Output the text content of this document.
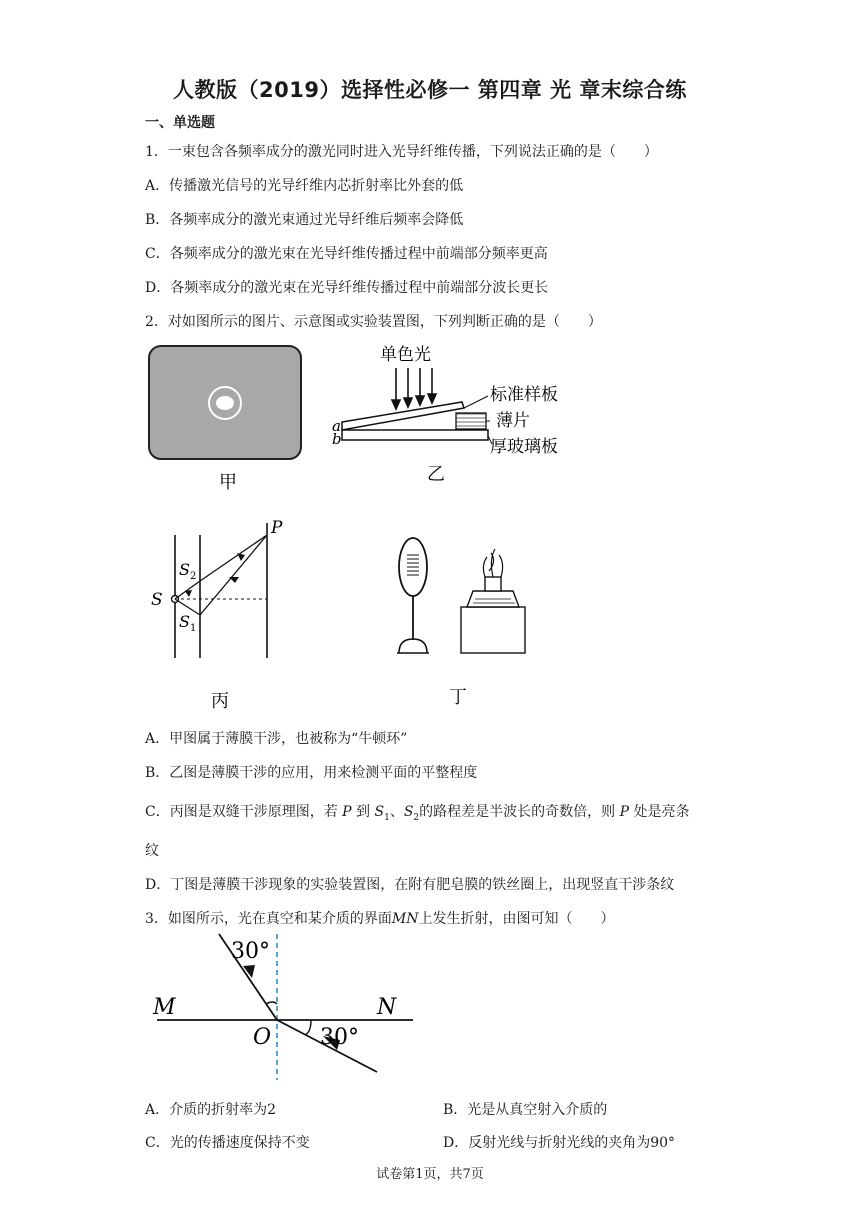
人教版（2019）选择性必修一 第四章 光 章末综合练
一、单选题
1．一束包含各频率成分的激光同时进入光导纤维传播，下列说法正确的是（　　）
A．传播激光信号的光导纤维内芯折射率比外套的低
B．各频率成分的激光束通过光导纤维后频率会降低
C．各频率成分的激光束在光导纤维传播过程中前端部分频率更高
D．各频率成分的激光束在光导纤维传播过程中前端部分波长更长
2．对如图所示的图片、示意图或实验装置图，下列判断正确的是（　　）
甲
单色光
标准样板
薄片
厚玻璃板
a
b
乙
P
S
$S_2$
$S_1$
丙	丁
A．甲图属于薄膜干涉，也被称为“牛顿环”
B．乙图是薄膜干涉的应用，用来检测平面的平整程度
C．丙图是双缝干涉原理图，若 P 到 $S_1$、$S_2$的路程差是半波长的奇数倍，则 P 处是亮条
纹
D．丁图是薄膜干涉现象的实验装置图，在附有肥皂膜的铁丝圈上，出现竖直干涉条纹
3．如图所示，光在真空和某介质的界面MN上发生折射，由图可知（　　）
30°
30°
M	N
O
A．介质的折射率为2	B．光是从真空射入介质的
C．光的传播速度保持不变	D．反射光线与折射光线的夹角为90°
试卷第1页，共7页
